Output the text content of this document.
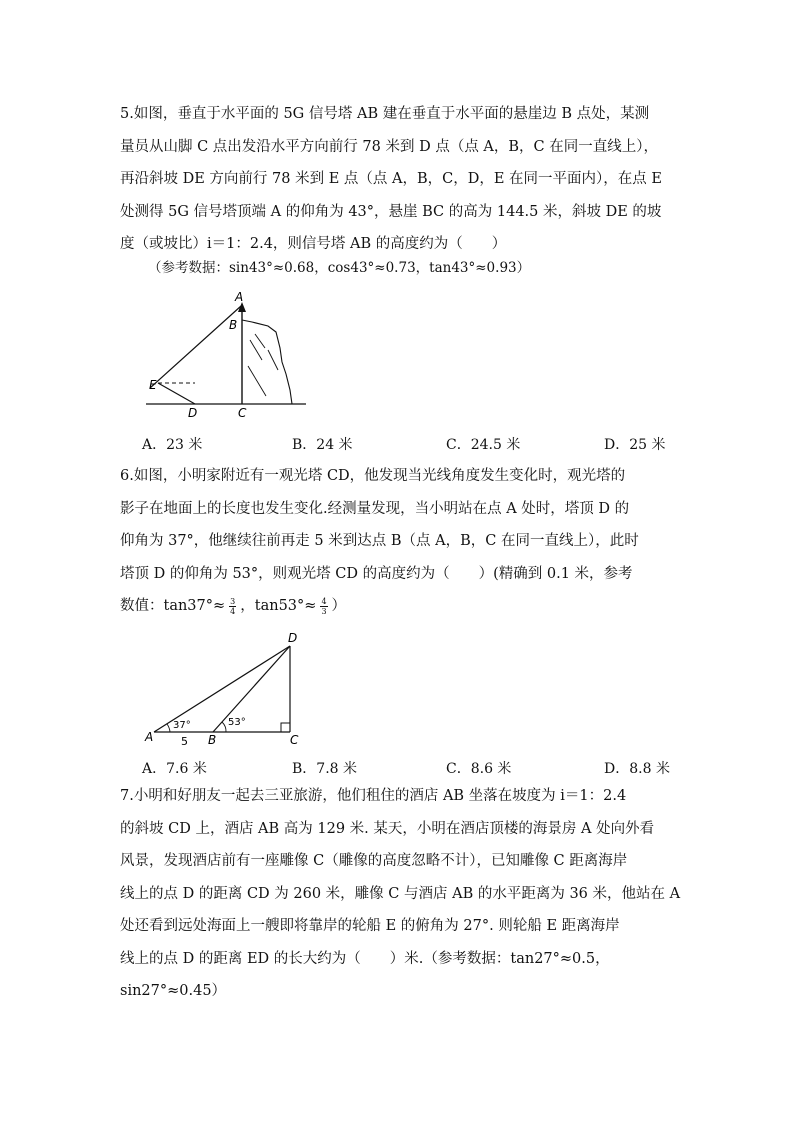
5.如图，垂直于水平面的 5G 信号塔 AB 建在垂直于水平面的悬崖边 B 点处，某测
量员从山脚 C 点出发沿水平方向前行 78 米到 D 点（点 A，B，C 在同一直线上），
再沿斜坡 DE 方向前行 78 米到 E 点（点 A，B，C，D，E 在同一平面内），在点 E
处测得 5G 信号塔顶端 A 的仰角为 43°，悬崖 BC 的高为 144.5 米，斜坡 DE 的坡
度（或坡比）i＝1：2.4，则信号塔 AB 的高度约为（　　）
（参考数据：sin43°≈0.68，cos43°≈0.73，tan43°≈0.93）
A
B
E
D	C
A．23 米	B．24 米	C．24.5 米	D．25 米
6.如图，小明家附近有一观光塔 CD，他发现当光线角度发生变化时，观光塔的
影子在地面上的长度也发生变化.经测量发现，当小明站在点 A 处时，塔顶 D 的
仰角为 37°，他继续往前再走 5 米到达点 B（点 A，B，C 在同一直线上），此时
塔顶 D 的仰角为 53°，则观光塔 CD 的高度约为（　　）(精确到 0.1 米，参考
数值：$\tan 37^\circ\approx \frac{3}{4}$ ，$\tan 53^\circ\approx \frac{4}{3}$ ）
D
A	B	C
37°	53°
5
A．7.6 米	B．7.8 米	C．8.6 米	D．8.8 米
7.小明和好朋友一起去三亚旅游，他们租住的酒店 AB 坐落在坡度为 i＝1：2.4
的斜坡 CD 上，酒店 AB 高为 129 米. 某天，小明在酒店顶楼的海景房 A 处向外看
风景，发现酒店前有一座雕像 C（雕像的高度忽略不计），已知雕像 C 距离海岸
线上的点 D 的距离 CD 为 260 米，雕像 C 与酒店 AB 的水平距离为 36 米，他站在 A
处还看到远处海面上一艘即将靠岸的轮船 E 的俯角为 27°. 则轮船 E 距离海岸
线上的点 D 的距离 ED 的长大约为（　　）米.（参考数据：tan27°≈0.5，
sin27°≈0.45）
